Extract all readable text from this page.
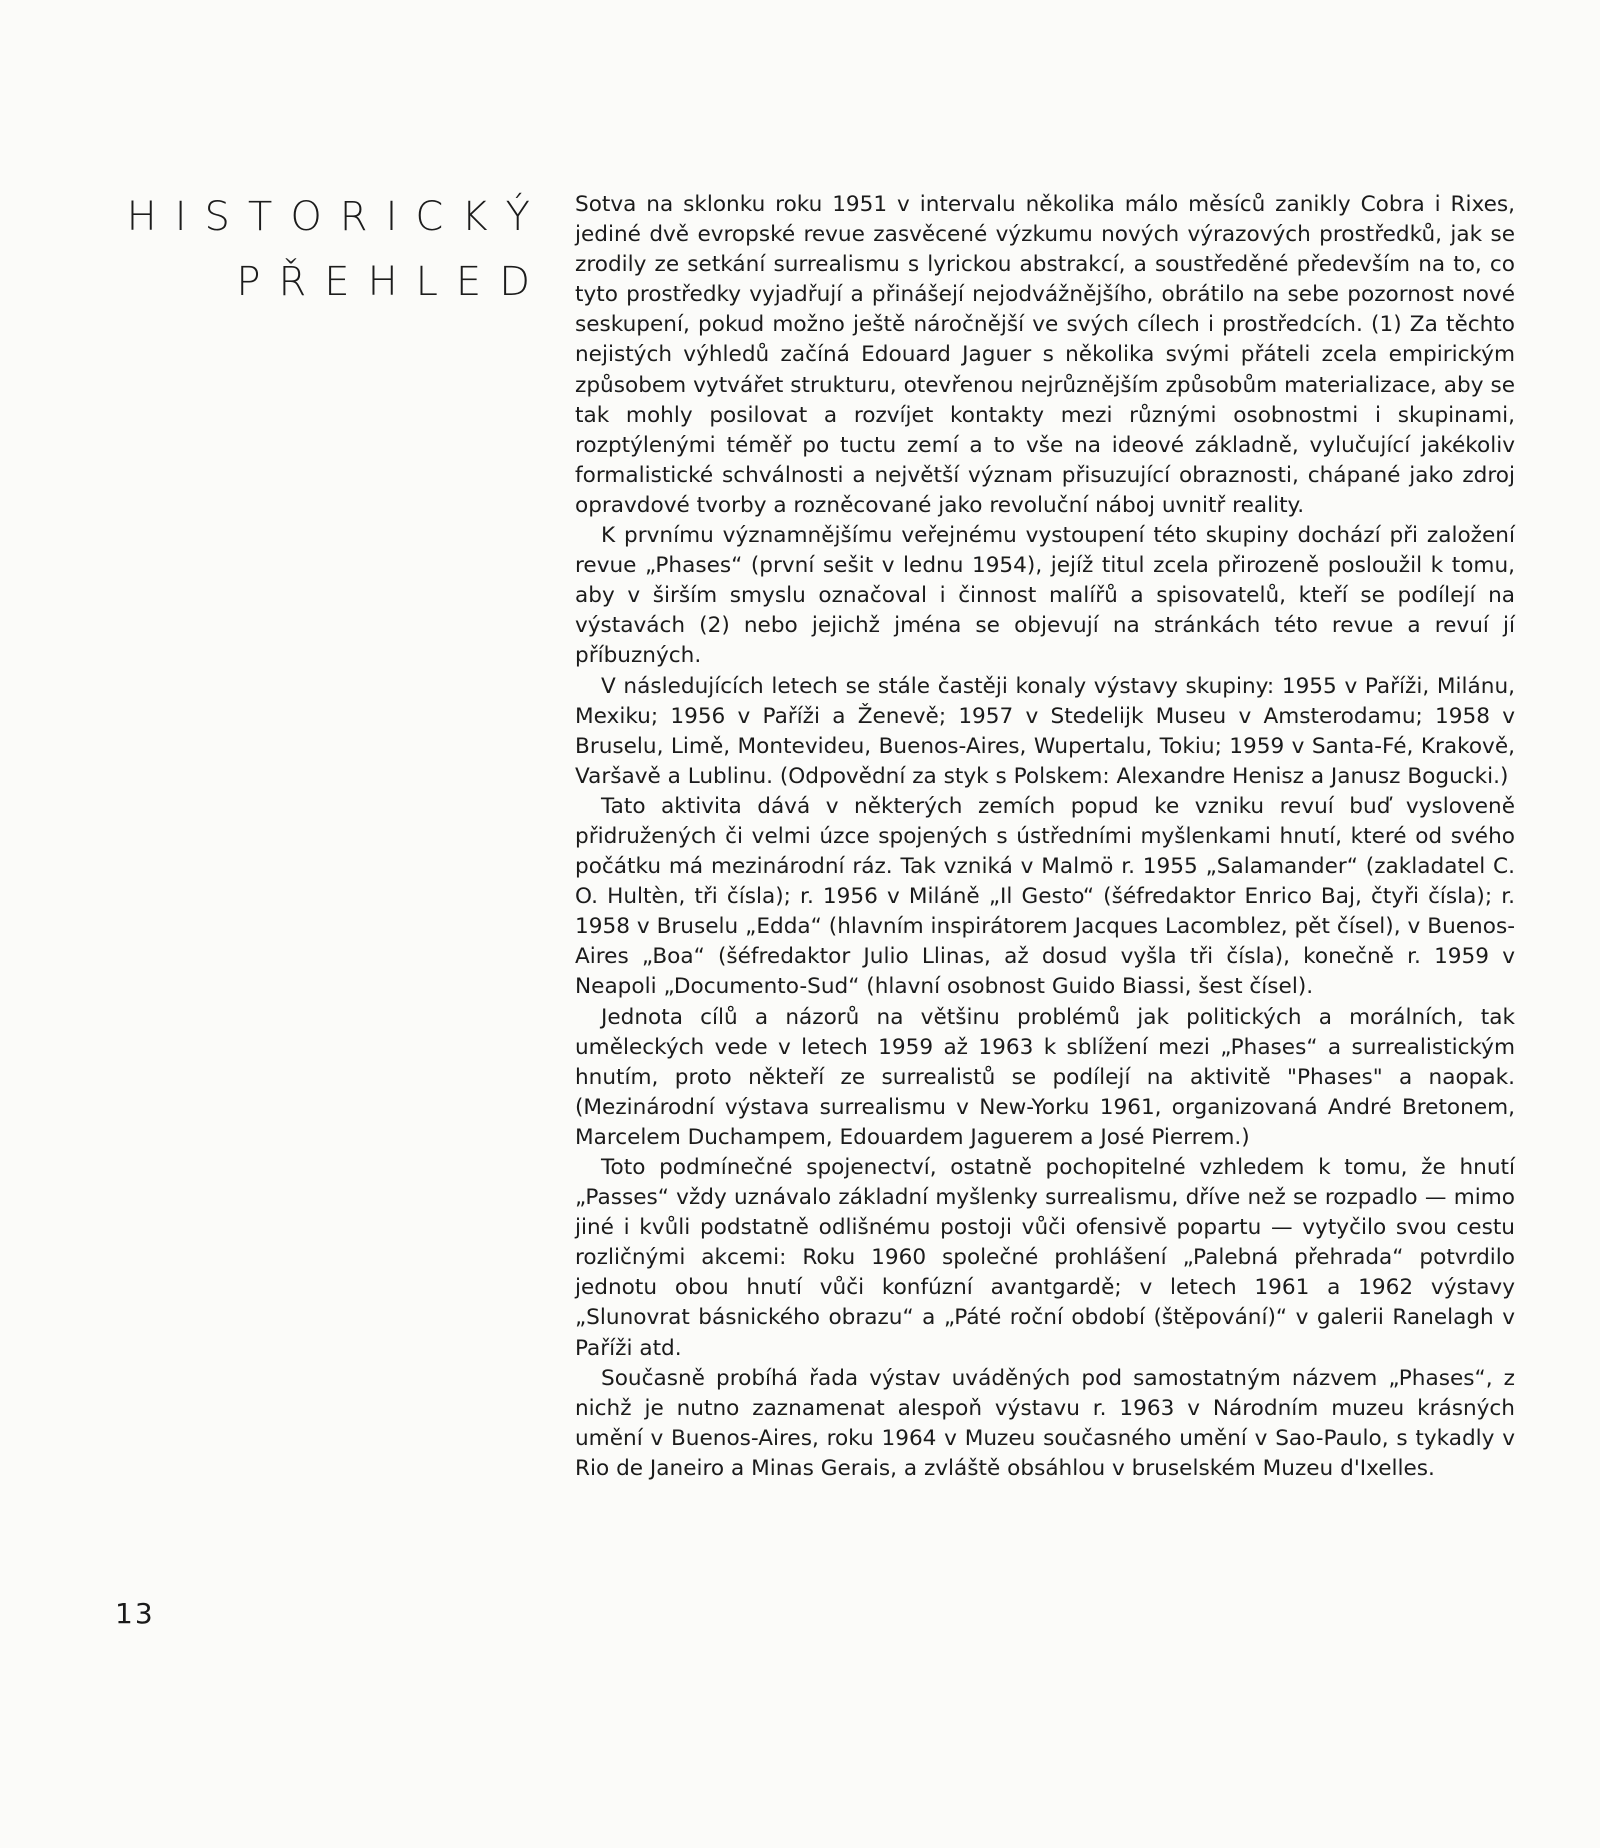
HISTORICKÝ
PŘEHLED

Sotva na sklonku roku 1951 v intervalu několika málo měsíců zanikly Cobra i Rixes, jediné dvě evropské revue zasvěcené výzkumu nových výrazových prostředků, jak se zrodily ze setkání surrealismu s lyrickou abstrakcí, a soustředěné především na to, co tyto prostředky vyjadřují a přinášejí nejodvážnějšího, obrátilo na sebe pozornost nové seskupení, pokud možno ještě náročnější ve svých cílech i prostředcích. (1) Za těchto nejistých výhledů začíná Edouard Jaguer s několika svými přáteli zcela empirickým způsobem vytvářet strukturu, otevřenou nejrůznějším způsobům materializace, aby se tak mohly posilovat a rozvíjet kontakty mezi různými osobnostmi i skupinami, rozptýlenými téměř po tuctu zemí a to vše na ideové základně, vylučující jakékoliv formalistické schválnosti a největší význam přisuzující obraznosti, chápané jako zdroj opravdové tvorby a rozněcované jako revoluční náboj uvnitř reality.

K prvnímu významnějšímu veřejnému vystoupení této skupiny dochází při založení revue „Phases“ (první sešit v lednu 1954), jejíž titul zcela přirozeně posloužil k tomu, aby v širším smyslu označoval i činnost malířů a spisovatelů, kteří se podílejí na výstavách (2) nebo jejichž jména se objevují na stránkách této revue a revuí jí příbuzných.

V následujících letech se stále častěji konaly výstavy skupiny: 1955 v Paříži, Milánu, Mexiku; 1956 v Paříži a Ženevě; 1957 v Stedelijk Museu v Amsterodamu; 1958 v Bruselu, Limě, Montevideu, Buenos-Aires, Wupertalu, Tokiu; 1959 v Santa-Fé, Krakově, Varšavě a Lublinu. (Odpovědní za styk s Polskem: Alexandre Henisz a Janusz Bogucki.)

Tato aktivita dává v některých zemích popud ke vzniku revuí buď vysloveně přidružených či velmi úzce spojených s ústředními myšlenkami hnutí, které od svého počátku má mezinárodní ráz. Tak vzniká v Malmö r. 1955 „Salamander“ (zakladatel C. O. Hultèn, tři čísla); r. 1956 v Miláně „Il Gesto“ (šéfredaktor Enrico Baj, čtyři čísla); r. 1958 v Bruselu „Edda“ (hlavním inspirátorem Jacques Lacomblez, pět čísel), v Buenos-Aires „Boa“ (šéfredaktor Julio Llinas, až dosud vyšla tři čísla), konečně r. 1959 v Neapoli „Documento-Sud“ (hlavní osobnost Guido Biassi, šest čísel).

Jednota cílů a názorů na většinu problémů jak politických a morálních, tak uměleckých vede v letech 1959 až 1963 k sblížení mezi „Phases“ a surrealistickým hnutím, proto někteří ze surrealistů se podílejí na aktivitě "Phases" a naopak. (Mezinárodní výstava surrealismu v New-Yorku 1961, organizovaná André Bretonem, Marcelem Duchampem, Edouardem Jaguerem a José Pierrem.)

Toto podmínečné spojenectví, ostatně pochopitelné vzhledem k tomu, že hnutí „Passes“ vždy uznávalo základní myšlenky surrealismu, dříve než se rozpadlo — mimo jiné i kvůli podstatně odlišnému postoji vůči ofensivě popartu — vytyčilo svou cestu rozličnými akcemi: Roku 1960 společné prohlášení „Palebná přehrada“ potvrdilo jednotu obou hnutí vůči konfúzní avantgardě; v letech 1961 a 1962 výstavy „Slunovrat básnického obrazu“ a „Páté roční období (štěpování)“ v galerii Ranelagh v Paříži atd.

Současně probíhá řada výstav uváděných pod samostatným názvem „Phases“, z nichž je nutno zaznamenat alespoň výstavu r. 1963 v Národním muzeu krásných umění v Buenos-Aires, roku 1964 v Muzeu současného umění v Sao-Paulo, s tykadly v Rio de Janeiro a Minas Gerais, a zvláště obsáhlou v bruselském Muzeu d'Ixelles.

13
